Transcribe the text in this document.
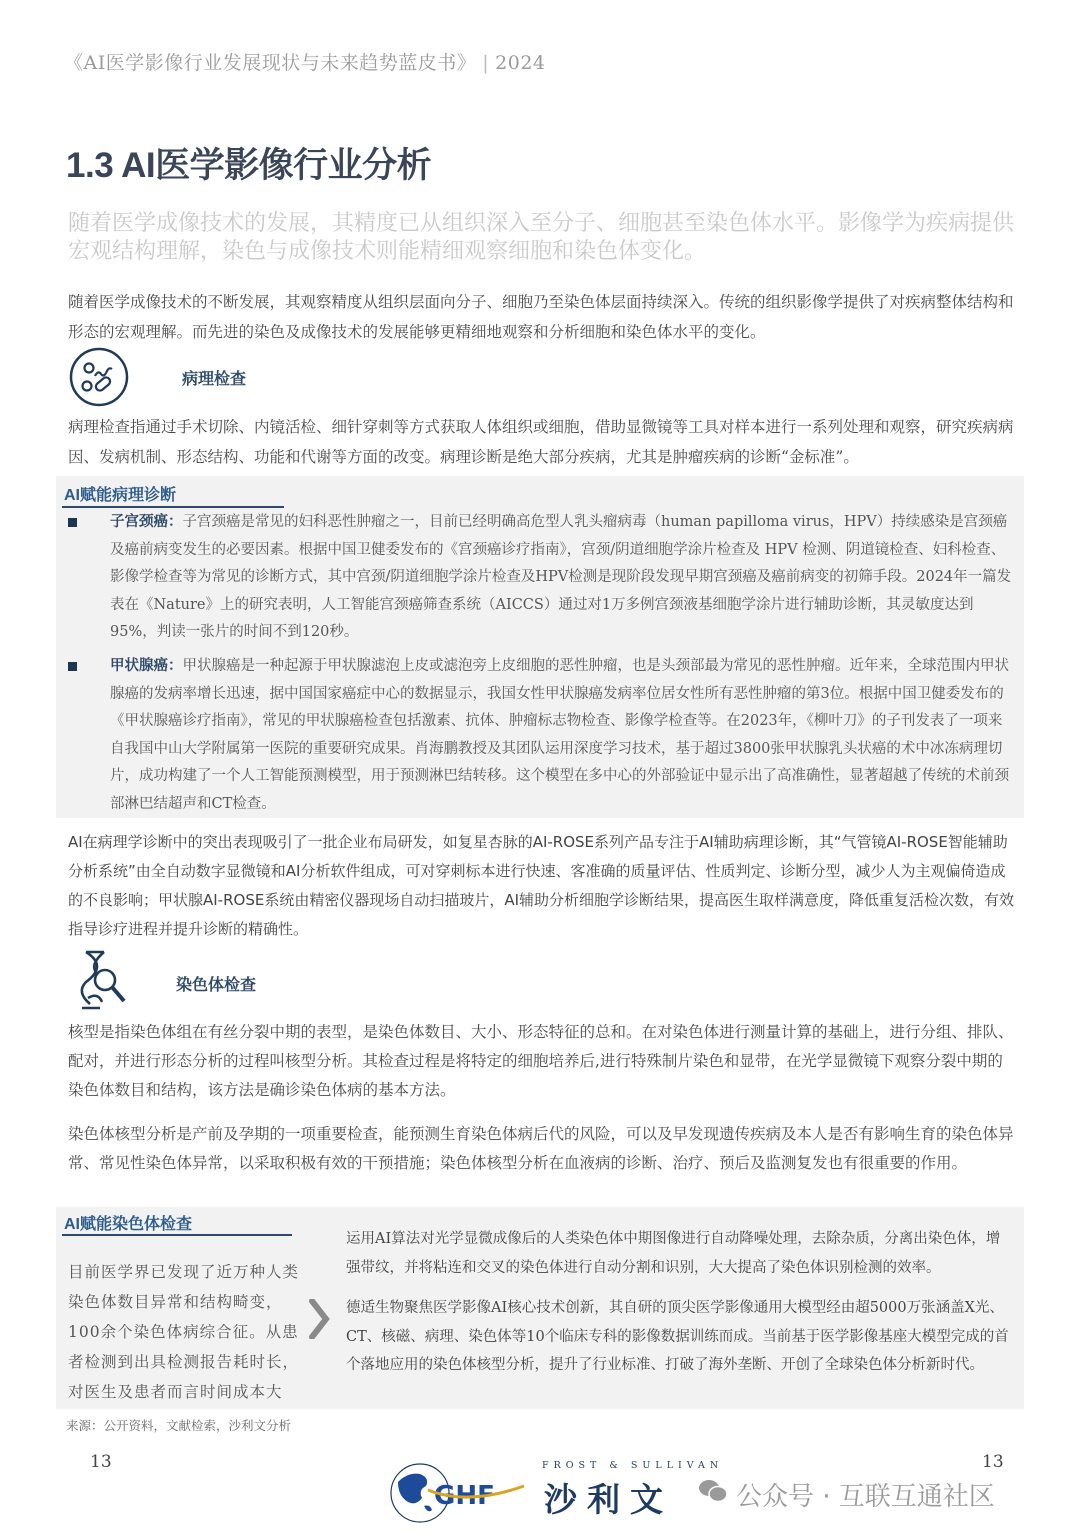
《AI医学影像行业发展现状与未来趋势蓝皮书》 | 2024
1.3 AI医学影像行业分析
随着医学成像技术的发展，其精度已从组织深入至分子、细胞甚至染色体水平。影像学为疾病提供宏观结构理解，染色与成像技术则能精细观察细胞和染色体变化。
随着医学成像技术的不断发展，其观察精度从组织层面向分子、细胞乃至染色体层面持续深入。传统的组织影像学提供了对疾病整体结构和形态的宏观理解。而先进的染色及成像技术的发展能够更精细地观察和分析细胞和染色体水平的变化。
病理检查
病理检查指通过手术切除、内镜活检、细针穿刺等方式获取人体组织或细胞，借助显微镜等工具对样本进行一系列处理和观察，研究疾病病因、发病机制、形态结构、功能和代谢等方面的改变。病理诊断是绝大部分疾病，尤其是肿瘤疾病的诊断“金标准”。
AI赋能病理诊断
子宫颈癌：子宫颈癌是常见的妇科恶性肿瘤之一，目前已经明确高危型人乳头瘤病毒（human papilloma virus，HPV）持续感染是宫颈癌及癌前病变发生的必要因素。根据中国卫健委发布的《宫颈癌诊疗指南》，宫颈/阴道细胞学涂片检查及 HPV 检测、阴道镜检查、妇科检查、影像学检查等为常见的诊断方式，其中宫颈/阴道细胞学涂片检查及HPV检测是现阶段发现早期宫颈癌及癌前病变的初筛手段。2024年一篇发表在《Nature》上的研究表明，人工智能宫颈癌筛查系统（AICCS）通过对1万多例宫颈液基细胞学涂片进行辅助诊断，其灵敏度达到95%，判读一张片的时间不到120秒。
甲状腺癌：甲状腺癌是一种起源于甲状腺滤泡上皮或滤泡旁上皮细胞的恶性肿瘤，也是头颈部最为常见的恶性肿瘤。近年来，全球范围内甲状腺癌的发病率增长迅速，据中国国家癌症中心的数据显示，我国女性甲状腺癌发病率位居女性所有恶性肿瘤的第3位。根据中国卫健委发布的《甲状腺癌诊疗指南》，常见的甲状腺癌检查包括激素、抗体、肿瘤标志物检查、影像学检查等。在2023年，《柳叶刀》的子刊发表了一项来自我国中山大学附属第一医院的重要研究成果。肖海鹏教授及其团队运用深度学习技术，基于超过3800张甲状腺乳头状癌的术中冰冻病理切片，成功构建了一个人工智能预测模型，用于预测淋巴结转移。这个模型在多中心的外部验证中显示出了高准确性，显著超越了传统的术前颈部淋巴结超声和CT检查。
AI在病理学诊断中的突出表现吸引了一批企业布局研发，如复星杏脉的AI-ROSE系列产品专注于AI辅助病理诊断，其“气管镜AI-ROSE智能辅助分析系统”由全自动数字显微镜和AI分析软件组成，可对穿刺标本进行快速、客准确的质量评估、性质判定、诊断分型，减少人为主观偏倚造成的不良影响；甲状腺AI-ROSE系统由精密仪器现场自动扫描玻片，AI辅助分析细胞学诊断结果，提高医生取样满意度，降低重复活检次数，有效指导诊疗进程并提升诊断的精确性。
染色体检查
核型是指染色体组在有丝分裂中期的表型，是染色体数目、大小、形态特征的总和。在对染色体进行测量计算的基础上，进行分组、排队、配对，并进行形态分析的过程叫核型分析。其检查过程是将特定的细胞培养后,进行特殊制片染色和显带，在光学显微镜下观察分裂中期的染色体数目和结构，该方法是确诊染色体病的基本方法。
染色体核型分析是产前及孕期的一项重要检查，能预测生育染色体病后代的风险，可以及早发现遗传疾病及本人是否有影响生育的染色体异常、常见性染色体异常，以采取积极有效的干预措施；染色体核型分析在血液病的诊断、治疗、预后及监测复发也有很重要的作用。
AI赋能染色体检查
目前医学界已发现了近万种人类染色体数目异常和结构畸变，100余个染色体病综合征。从患者检测到出具检测报告耗时长，对医生及患者而言时间成本大

运用AI算法对光学显微成像后的人类染色体中期图像进行自动降噪处理，去除杂质，分离出染色体，增强带纹，并将粘连和交叉的染色体进行自动分割和识别，大大提高了染色体识别检测的效率。

德适生物聚焦医学影像AI核心技术创新，其自研的顶尖医学影像通用大模型经由超5000万张涵盖X光、CT、核磁、病理、染色体等10个临床专科的影像数据训练而成。当前基于医学影像基座大模型完成的首个落地应用的染色体核型分析，提升了行业标准、打破了海外垄断、开创了全球染色体分析新时代。

来源：公开资料，文献检索，沙利文分析
13	13
GHF
FROST & SULLIVAN
沙利文 公众号 · 互联互通社区
